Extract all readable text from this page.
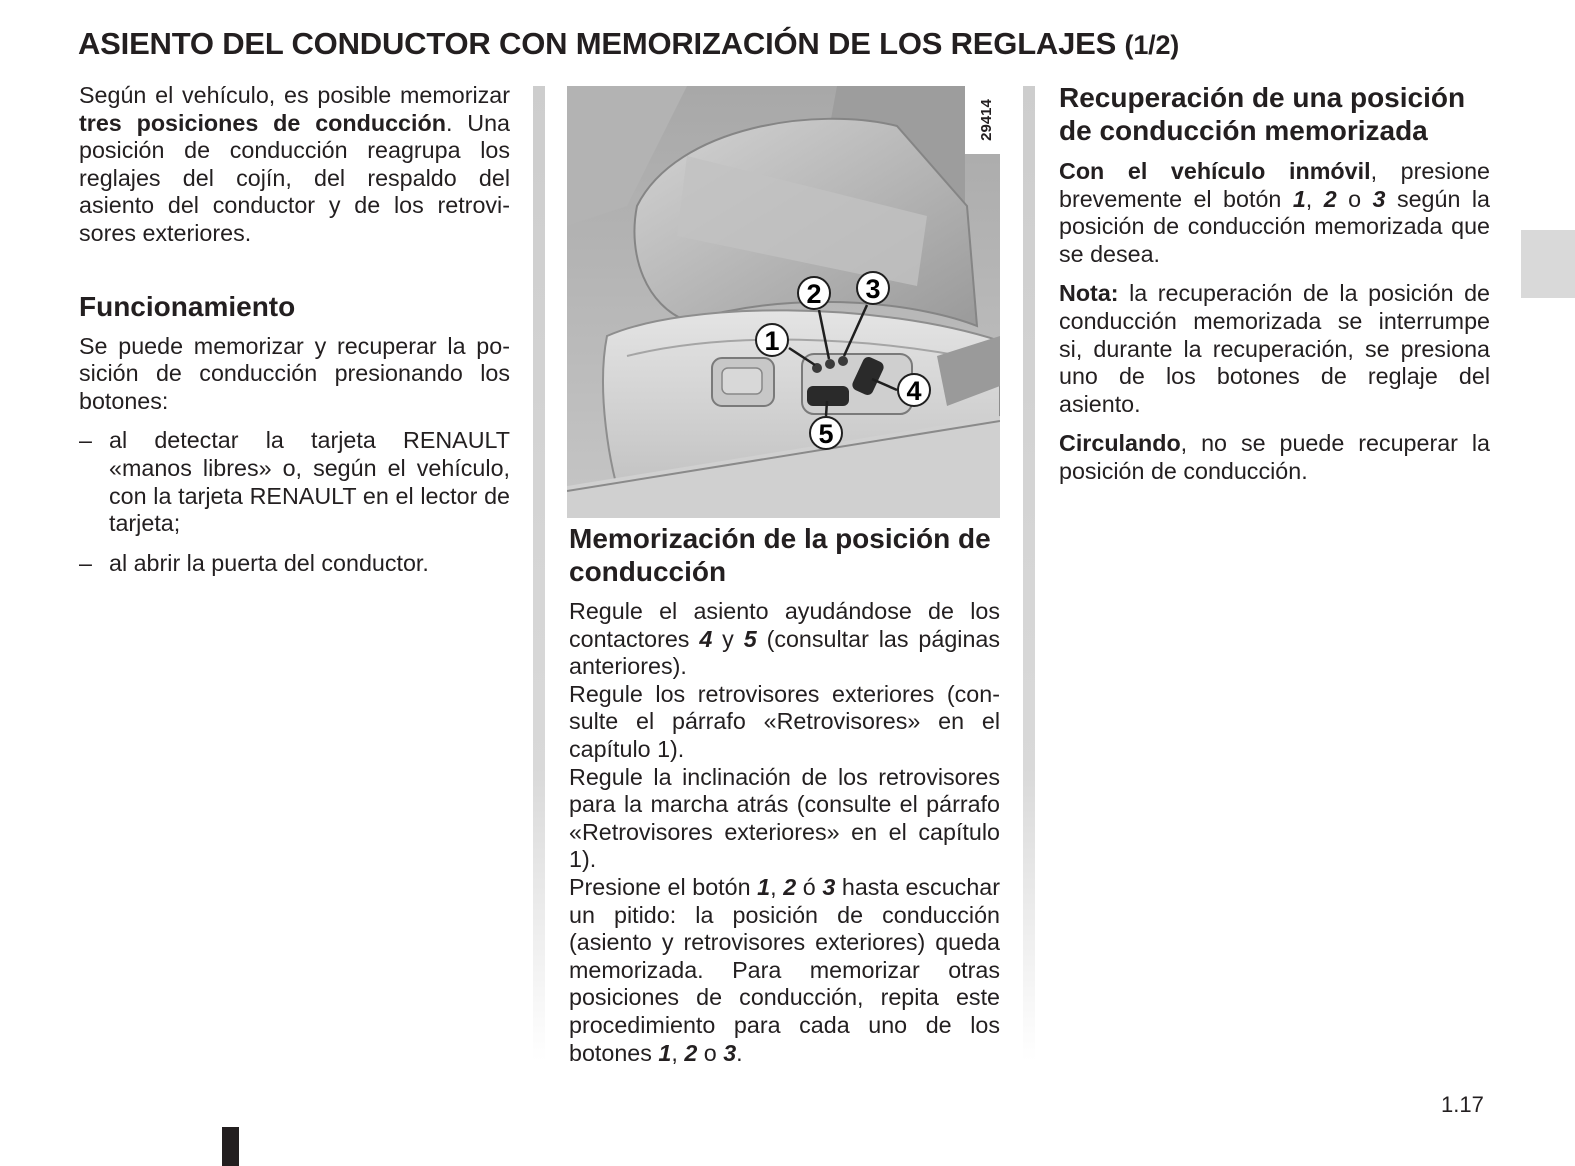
ASIENTO DEL CONDUCTOR CON MEMORIZACIÓN DE LOS REGLAJES (1/2)

Según el vehículo, es posible memorizar tres posiciones de conducción. Una posición de conducción reagrupa los reglajes del cojín, del respaldo del asiento del conductor y de los retrovisores exteriores.

Funcionamiento

Se puede memorizar y recuperar la posición de conducción presionando los botones:

– al detectar la tarjeta RENAULT «manos libres» o, según el vehículo, con la tarjeta RENAULT en el lector de tarjeta;
– al abrir la puerta del conductor.
29414
1
2 3
4
5
Memorización de la posición de conducción

Regule el asiento ayudándose de los contactores 4 y 5 (consultar las páginas anteriores).

Regule los retrovisores exteriores (consulte el párrafo «Retrovisores» en el capítulo 1).

Regule la inclinación de los retrovisores para la marcha atrás (consulte el párrafo «Retrovisores exteriores» en el capítulo 1).

Presione el botón 1, 2 ó 3 hasta escuchar un pitido: la posición de conducción (asiento y retrovisores exteriores) queda memorizada. Para memorizar otras posiciones de conducción, repita este procedimiento para cada uno de los botones 1, 2 o 3.

Recuperación de una posición de conducción memorizada

Con el vehículo inmóvil, presione brevemente el botón 1, 2 o 3 según la posición de conducción memorizada que se desea.

Nota: la recuperación de la posición de conducción memorizada se interrumpe si, durante la recuperación, se presiona uno de los botones de reglaje del asiento.

Circulando, no se puede recuperar la posición de conducción.

1.17
